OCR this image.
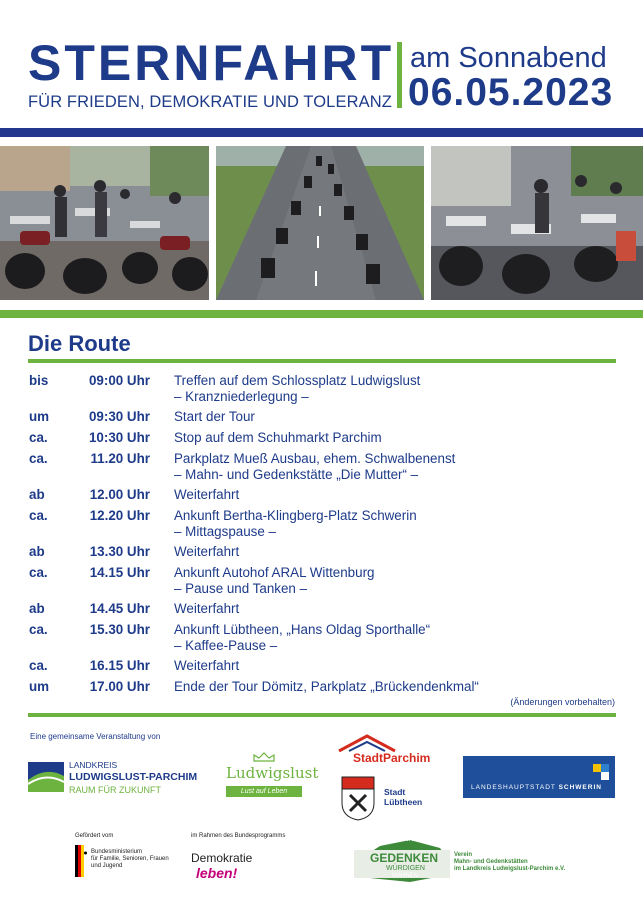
STERNFAHRT
FÜR FRIEDEN, DEMOKRATIE UND TOLERANZ
am Sonnabend
06.05.2023
Die Route
bis	09:00 Uhr Treffen auf dem Schlossplatz Ludwigslust
– Kranzniederlegung –
um	09:30 Uhr Start der Tour
ca.	10:30 Uhr Stop auf dem Schuhmarkt Parchim
ca.	11.20 Uhr Parkplatz Mueß Ausbau, ehem. Schwalbenenst
– Mahn- und Gedenkstätte „Die Mutter“ –
ab	12.00 Uhr Weiterfahrt
ca.	12.20 Uhr Ankunft Bertha-Klingberg-Platz Schwerin
– Mittagspause –
ab	13.30 Uhr Weiterfahrt
ca.	14.15 Uhr Ankunft Autohof ARAL Wittenburg
– Pause und Tanken –
ab	14.45 Uhr Weiterfahrt
ca.	15.30 Uhr Ankunft Lübtheen, „Hans Oldag Sporthalle“
– Kaffee-Pause –
ca.	16.15 Uhr Weiterfahrt
um	17.00 Uhr Ende der Tour Dömitz, Parkplatz „Brückendenkmal“
(Änderungen vorbehalten)
Eine gemeinsame Veranstaltung von
LANDKREIS
LUDWIGSLUST-PARCHIM
RAUM FÜR ZUKUNFT
Ludwigslust
Lust auf Leben
StadtParchim
Stadt
Lübtheen
LANDESHAUPTSTADT SCHWERIN
Gefördert vom
Bundesministerium
für Familie, Senioren, Frauen
und Jugend
im Rahmen des Bundesprogramms
Demokratie
leben!
ERINNERN
GEDENKEN
WÜRDIGEN
MAHNEN
Verein
Mahn- und Gedenkstätten
im Landkreis Ludwigslust-Parchim e.V.
